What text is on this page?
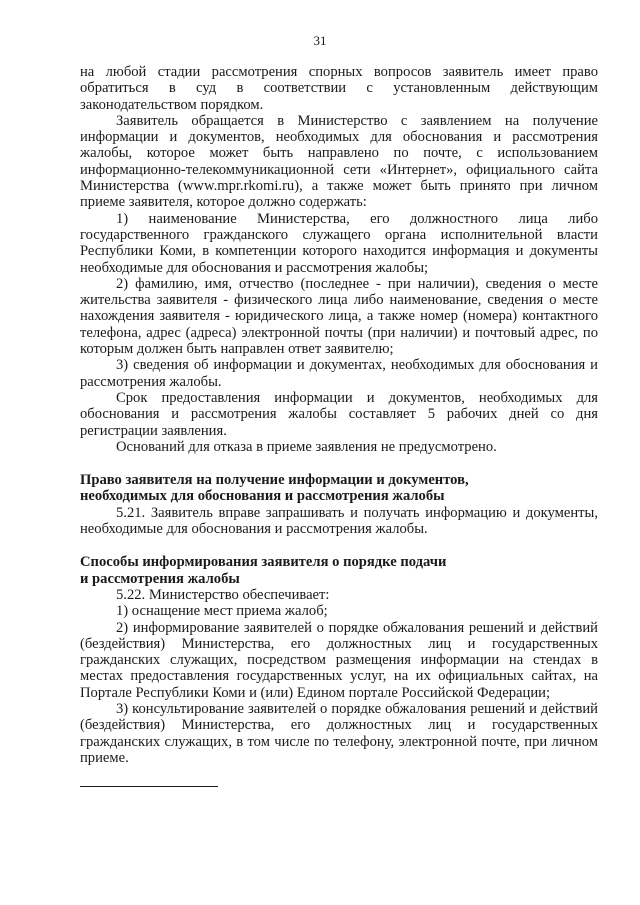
31

на любой стадии рассмотрения спорных вопросов заявитель имеет право обратиться в суд в соответствии с установленным действующим законодательством порядком.

Заявитель обращается в Министерство с заявлением на получение информации и документов, необходимых для обоснования и рассмотрения жалобы, которое может быть направлено по почте, с использованием информационно-телекоммуникационной сети «Интернет», официального сайта Министерства (www.mpr.rkomi.ru), а также может быть принято при личном приеме заявителя, которое должно содержать:

1) наименование Министерства, его должностного лица либо государственного гражданского служащего органа исполнительной власти Республики Коми, в компетенции которого находится информация и документы необходимые для обоснования и рассмотрения жалобы;

2) фамилию, имя, отчество (последнее - при наличии), сведения о месте жительства заявителя - физического лица либо наименование, сведения о месте нахождения заявителя - юридического лица, а также номер (номера) контактного телефона, адрес (адреса) электронной почты (при наличии) и почтовый адрес, по которым должен быть направлен ответ заявителю;

3) сведения об информации и документах, необходимых для обоснования и рассмотрения жалобы.

Срок предоставления информации и документов, необходимых для обоснования и рассмотрения жалобы составляет 5 рабочих дней со дня регистрации заявления.

Оснований для отказа в приеме заявления не предусмотрено.

Право заявителя на получение информации и документов,

необходимых для обоснования и рассмотрения жалобы

5.21. Заявитель вправе запрашивать и получать информацию и документы, необходимые для обоснования и рассмотрения жалобы.

Способы информирования заявителя о порядке подачи

и рассмотрения жалобы

5.22. Министерство обеспечивает:

1) оснащение мест приема жалоб;

2) информирование заявителей о порядке обжалования решений и действий (бездействия) Министерства, его должностных лиц и государственных гражданских служащих, посредством размещения информации на стендах в местах предоставления государственных услуг, на их официальных сайтах, на Портале Республики Коми и (или) Едином портале Российской Федерации;

3) консультирование заявителей о порядке обжалования решений и действий (бездействия) Министерства, его должностных лиц и государственных гражданских служащих, в том числе по телефону, электронной почте, при личном приеме.
